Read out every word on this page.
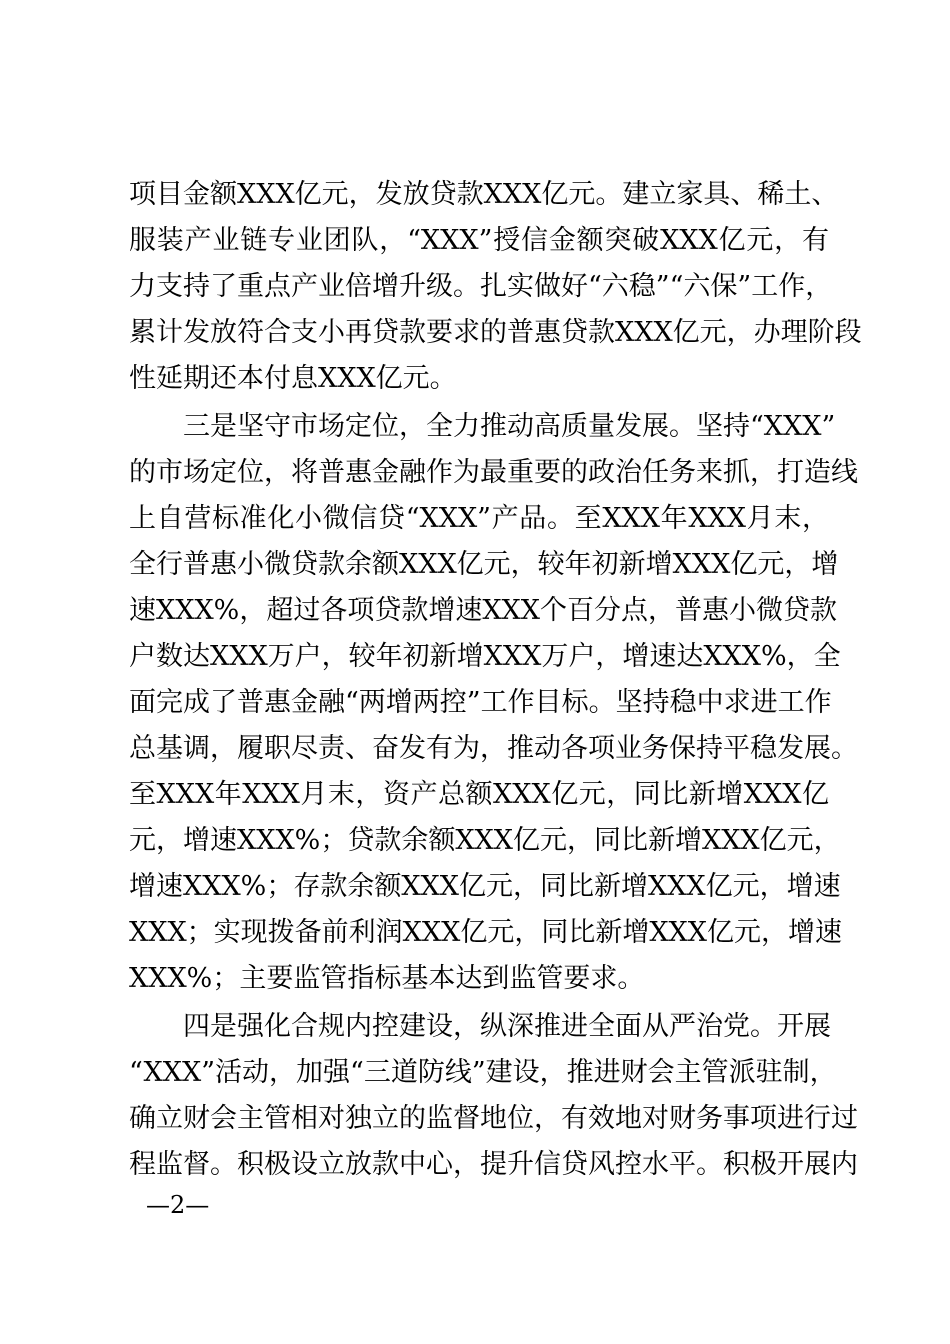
项目金额XXX亿元，发放贷款XXX亿元。建立家具、稀土、
服装产业链专业团队，“XXX”授信金额突破XXX亿元，有
力支持了重点产业倍增升级。扎实做好“六稳”“六保”工作，
累计发放符合支小再贷款要求的普惠贷款XXX亿元，办理阶段
性延期还本付息XXX亿元。
三是坚守市场定位，全力推动高质量发展。坚持“XXX”
的市场定位，将普惠金融作为最重要的政治任务来抓，打造线
上自营标准化小微信贷“XXX”产品。至XXX年XXX月末，
全行普惠小微贷款余额XXX亿元，较年初新增XXX亿元，增
速XXX%，超过各项贷款增速XXX个百分点，普惠小微贷款
户数达XXX万户，较年初新增XXX万户，增速达XXX%，全
面完成了普惠金融“两增两控”工作目标。坚持稳中求进工作
总基调，履职尽责、奋发有为，推动各项业务保持平稳发展。
至XXX年XXX月末，资产总额XXX亿元，同比新增XXX亿
元，增速XXX%；贷款余额XXX亿元，同比新增XXX亿元，
增速XXX%；存款余额XXX亿元，同比新增XXX亿元，增速
XXX；实现拨备前利润XXX亿元，同比新增XXX亿元，增速
XXX%；主要监管指标基本达到监管要求。
四是强化合规内控建设，纵深推进全面从严治党。开展
“XXX”活动，加强“三道防线”建设，推进财会主管派驻制，
确立财会主管相对独立的监督地位，有效地对财务事项进行过
程监督。积极设立放款中心，提升信贷风控水平。积极开展内
—2—
